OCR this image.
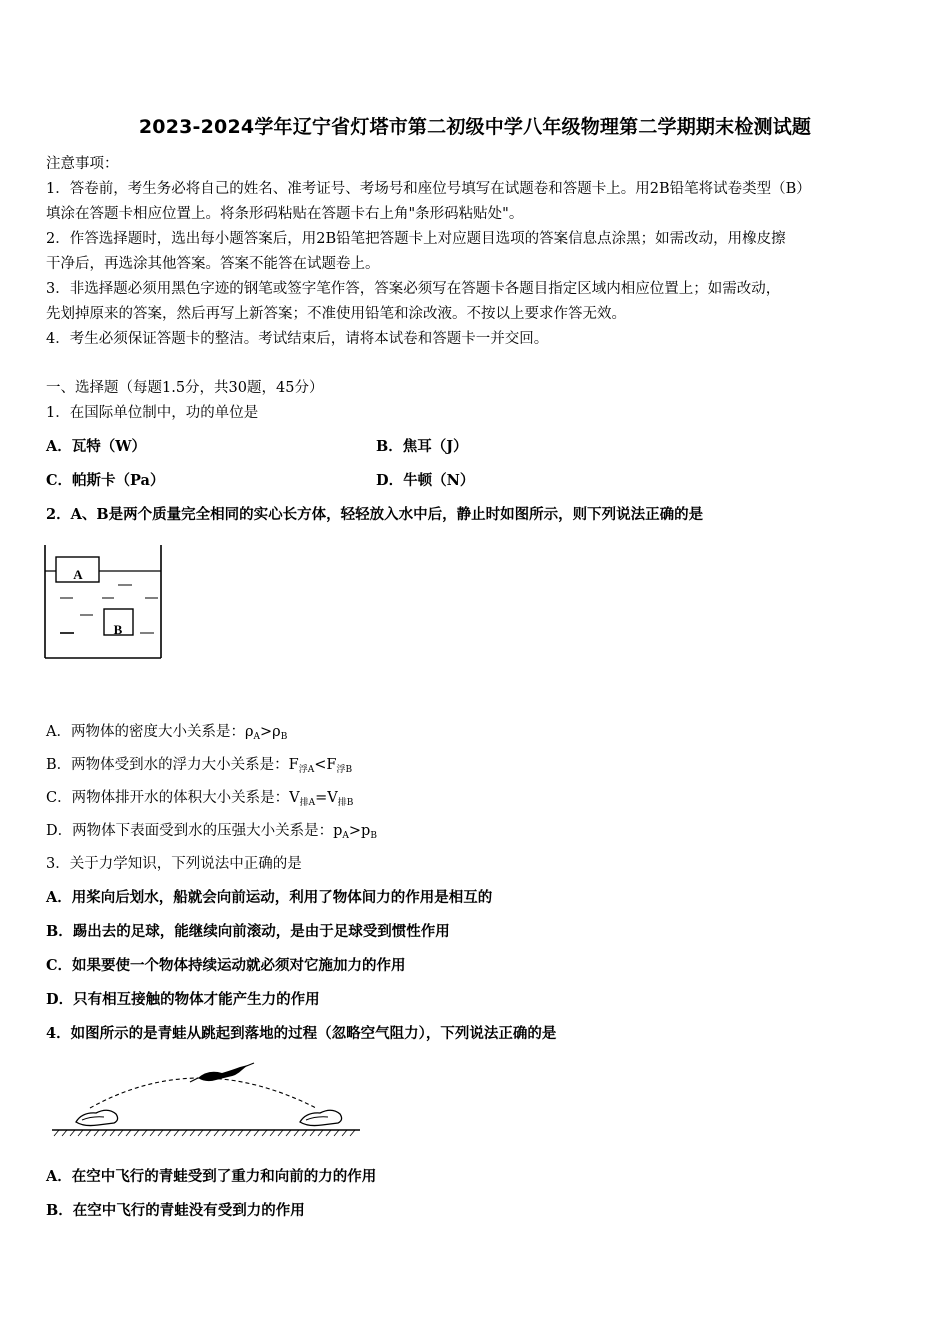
2023-2024学年辽宁省灯塔市第二初级中学八年级物理第二学期期末检测试题
注意事项：
1．答卷前，考生务必将自己的姓名、准考证号、考场号和座位号填写在试题卷和答题卡上。用2B铅笔将试卷类型（B）
填涂在答题卡相应位置上。将条形码粘贴在答题卡右上角"条形码粘贴处"。
2．作答选择题时，选出每小题答案后，用2B铅笔把答题卡上对应题目选项的答案信息点涂黑；如需改动，用橡皮擦
干净后，再选涂其他答案。答案不能答在试题卷上。
3．非选择题必须用黑色字迹的钢笔或签字笔作答，答案必须写在答题卡各题目指定区域内相应位置上；如需改动，
先划掉原来的答案，然后再写上新答案；不准使用铅笔和涂改液。不按以上要求作答无效。
4．考生必须保证答题卡的整洁。考试结束后，请将本试卷和答题卡一并交回。
一、选择题（每题1.5分，共30题，45分）
1．在国际单位制中，功的单位是
A．瓦特（W）	B．焦耳（J）
C．帕斯卡（Pa）	D．牛顿（N）
2．A、B是两个质量完全相同的实心长方体，轻轻放入水中后，静止时如图所示，则下列说法正确的是
A
B
A．两物体的密度大小关系是：$\rho_A>\rho_B$
B．两物体受到水的浮力大小关系是：$F_{浮A}<F_{浮B}$
C．两物体排开水的体积大小关系是：$V_{排A}=V_{排B}$
D．两物体下表面受到水的压强大小关系是：$p_A>p_B$
3．关于力学知识，下列说法中正确的是
A．用桨向后划水，船就会向前运动，利用了物体间力的作用是相互的
B．踢出去的足球，能继续向前滚动，是由于足球受到惯性作用
C．如果要使一个物体持续运动就必须对它施加力的作用
D．只有相互接触的物体才能产生力的作用
4．如图所示的是青蛙从跳起到落地的过程（忽略空气阻力），下列说法正确的是
A．在空中飞行的青蛙受到了重力和向前的力的作用
B．在空中飞行的青蛙没有受到力的作用
